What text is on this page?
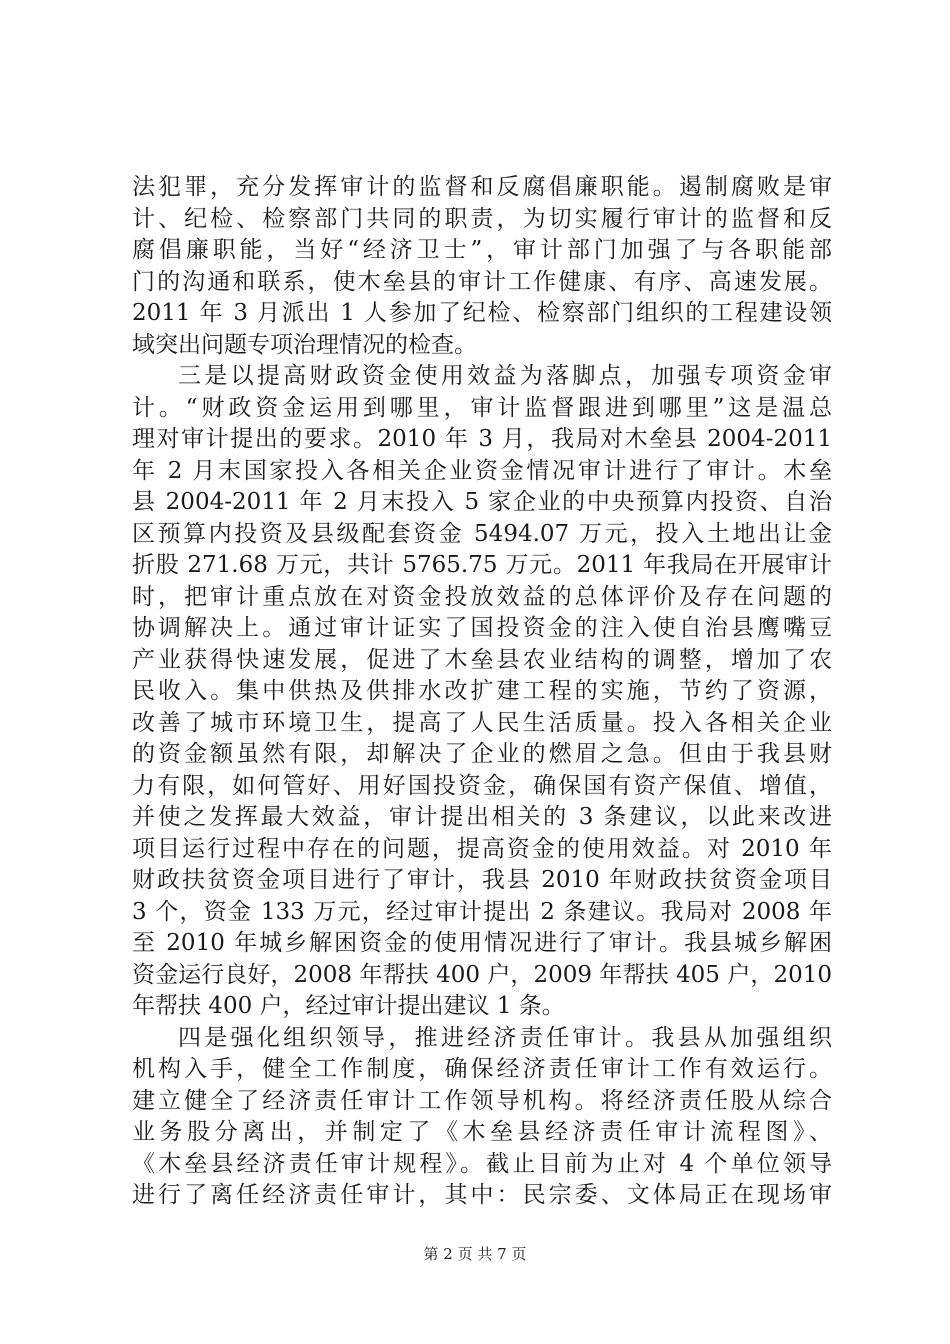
法犯罪，充分发挥审计的监督和反腐倡廉职能。遏制腐败是审
计、纪检、检察部门共同的职责，为切实履行审计的监督和反
腐倡廉职能，当好“经济卫士”，审计部门加强了与各职能部
门的沟通和联系，使木垒县的审计工作健康、有序、高速发展。
2011 年 3 月派出 1 人参加了纪检、检察部门组织的工程建设领
域突出问题专项治理情况的检查。
三是以提高财政资金使用效益为落脚点，加强专项资金审
计。“财政资金运用到哪里，审计监督跟进到哪里”这是温总
理对审计提出的要求。2010 年 3 月，我局对木垒县 2004-2011
年 2 月末国家投入各相关企业资金情况审计进行了审计。木垒
县 2004-2011 年 2 月末投入 5 家企业的中央预算内投资、自治
区预算内投资及县级配套资金 5494.07 万元，投入土地出让金
折股 271.68 万元，共计 5765.75 万元。2011 年我局在开展审计
时，把审计重点放在对资金投放效益的总体评价及存在问题的
协调解决上。通过审计证实了国投资金的注入使自治县鹰嘴豆
产业获得快速发展，促进了木垒县农业结构的调整，增加了农
民收入。集中供热及供排水改扩建工程的实施，节约了资源，
改善了城市环境卫生，提高了人民生活质量。投入各相关企业
的资金额虽然有限，却解决了企业的燃眉之急。但由于我县财
力有限，如何管好、用好国投资金，确保国有资产保值、增值，
并使之发挥最大效益，审计提出相关的 3 条建议，以此来改进
项目运行过程中存在的问题，提高资金的使用效益。对 2010 年
财政扶贫资金项目进行了审计，我县 2010 年财政扶贫资金项目
3 个，资金 133 万元，经过审计提出 2 条建议。我局对 2008 年
至 2010 年城乡解困资金的使用情况进行了审计。我县城乡解困
资金运行良好，2008 年帮扶 400 户，2009 年帮扶 405 户，2010
年帮扶 400 户，经过审计提出建议 1 条。
四是强化组织领导，推进经济责任审计。我县从加强组织
机构入手，健全工作制度，确保经济责任审计工作有效运行。
建立健全了经济责任审计工作领导机构。将经济责任股从综合
业务股分离出，并制定了《木垒县经济责任审计流程图》、
《木垒县经济责任审计规程》。截止目前为止对 4 个单位领导
进行了离任经济责任审计，其中：民宗委、文体局正在现场审
第 2 页 共 7 页
